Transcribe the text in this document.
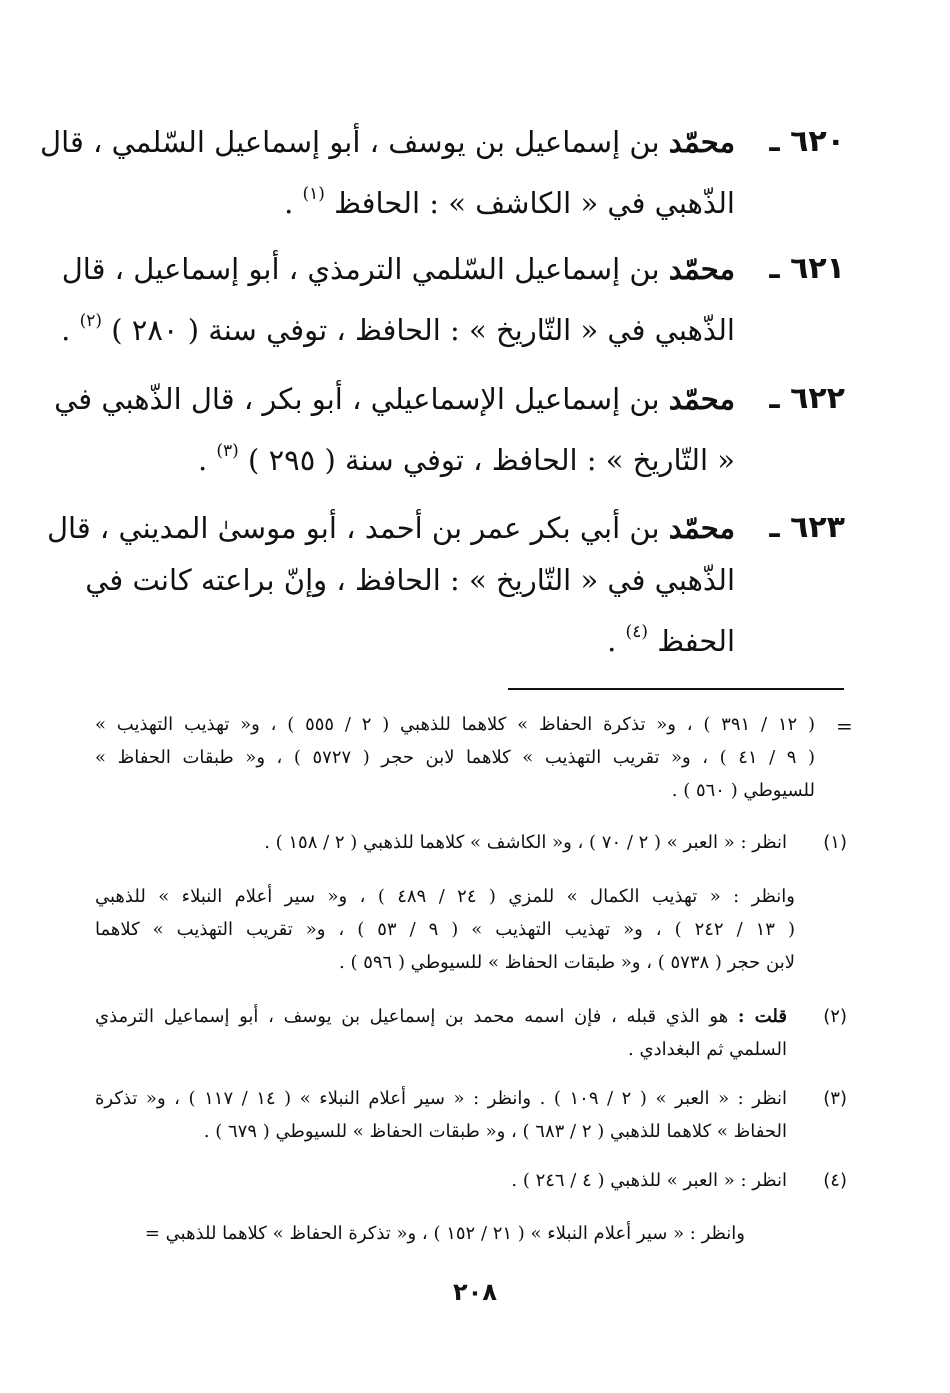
٦٢٠ ـ
محمّد بن إسماعيل بن يوسف ، أبو إسماعيل السّلمي ، قال
الذّهبي في « الكاشف » : الحافظ $^{(١)}$ .
٦٢١ ـ
محمّد بن إسماعيل السّلمي الترمذي ، أبو إسماعيل ، قال
الذّهبي في « التّاريخ » : الحافظ ، توفي سنة ( ٢٨٠ ) $^{(٢)}$ .
٦٢٢ ـ
محمّد بن إسماعيل الإسماعيلي ، أبو بكر ، قال الذّهبي في
« التّاريخ » : الحافظ ، توفي سنة ( ٢٩٥ ) $^{(٣)}$ .
٦٢٣ ـ
محمّد بن أبي بكر عمر بن أحمد ، أبو موسىٰ المديني ، قال
الذّهبي في « التّاريخ » : الحافظ ، وإنّ براعته كانت في
الحفظ $^{(٤)}$ .
=
( ١٢ / ٣٩١ ) ، و« تذكرة الحفاظ » كلاهما للذهبي ( ٢ / ٥٥٥ ) ، و« تهذيب التهذيب »
( ٩ / ٤١ ) ، و« تقريب التهذيب » كلاهما لابن حجر ( ٥٧٢٧ ) ، و« طبقات الحفاظ »
للسيوطي ( ٥٦٠ ) .
(١)
انظر : « العبر » ( ٢ / ٧٠ ) ، و« الكاشف » كلاهما للذهبي ( ٢ / ١٥٨ ) .
وانظر : « تهذيب الكمال » للمزي ( ٢٤ / ٤٨٩ ) ، و« سير أعلام النبلاء » للذهبي
( ١٣ / ٢٤٢ ) ، و« تهذيب التهذيب » ( ٩ / ٥٣ ) ، و« تقريب التهذيب » كلاهما
لابن حجر ( ٥٧٣٨ ) ، و« طبقات الحفاظ » للسيوطي ( ٥٩٦ ) .
(٢)
قلت : هو الذي قبله ، فإن اسمه محمد بن إسماعيل بن يوسف ، أبو إسماعيل الترمذي
السلمي ثم البغدادي .
(٣)
انظر : « العبر » ( ٢ / ١٠٩ ) . وانظر : « سير أعلام النبلاء » ( ١٤ / ١١٧ ) ، و« تذكرة
الحفاظ » كلاهما للذهبي ( ٢ / ٦٨٣ ) ، و« طبقات الحفاظ » للسيوطي ( ٦٧٩ ) .
(٤)
انظر : « العبر » للذهبي ( ٤ / ٢٤٦ ) .
وانظر : « سير أعلام النبلاء » ( ٢١ / ١٥٢ ) ، و« تذكرة الحفاظ » كلاهما للذهبي =
٢٠٨
